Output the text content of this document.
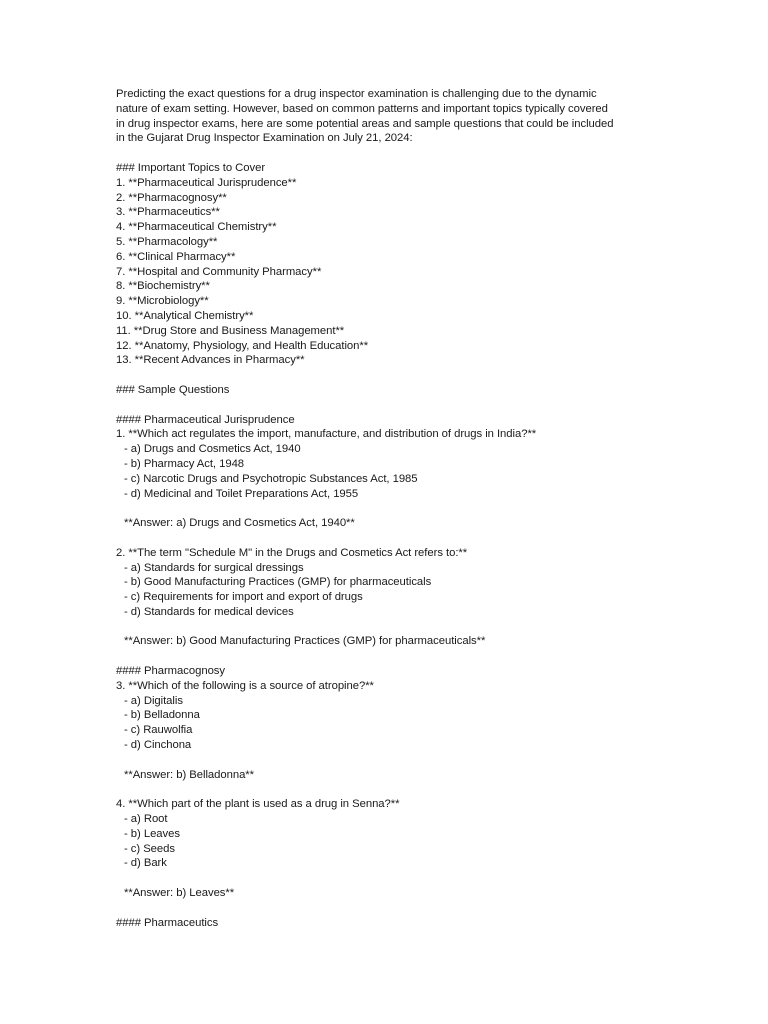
Predicting the exact questions for a drug inspector examination is challenging due to the dynamic
nature of exam setting. However, based on common patterns and important topics typically covered
in drug inspector exams, here are some potential areas and sample questions that could be included
in the Gujarat Drug Inspector Examination on July 21, 2024:
### Important Topics to Cover
1. **Pharmaceutical Jurisprudence**
2. **Pharmacognosy**
3. **Pharmaceutics**
4. **Pharmaceutical Chemistry**
5. **Pharmacology**
6. **Clinical Pharmacy**
7. **Hospital and Community Pharmacy**
8. **Biochemistry**
9. **Microbiology**
10. **Analytical Chemistry**
11. **Drug Store and Business Management**
12. **Anatomy, Physiology, and Health Education**
13. **Recent Advances in Pharmacy**
### Sample Questions
#### Pharmaceutical Jurisprudence
1. **Which act regulates the import, manufacture, and distribution of drugs in India?**
- a) Drugs and Cosmetics Act, 1940
- b) Pharmacy Act, 1948
- c) Narcotic Drugs and Psychotropic Substances Act, 1985
- d) Medicinal and Toilet Preparations Act, 1955
**Answer: a) Drugs and Cosmetics Act, 1940**
2. **The term "Schedule M" in the Drugs and Cosmetics Act refers to:**
- a) Standards for surgical dressings
- b) Good Manufacturing Practices (GMP) for pharmaceuticals
- c) Requirements for import and export of drugs
- d) Standards for medical devices
**Answer: b) Good Manufacturing Practices (GMP) for pharmaceuticals**
#### Pharmacognosy
3. **Which of the following is a source of atropine?**
- a) Digitalis
- b) Belladonna
- c) Rauwolfia
- d) Cinchona
**Answer: b) Belladonna**
4. **Which part of the plant is used as a drug in Senna?**
- a) Root
- b) Leaves
- c) Seeds
- d) Bark
**Answer: b) Leaves**
#### Pharmaceutics
